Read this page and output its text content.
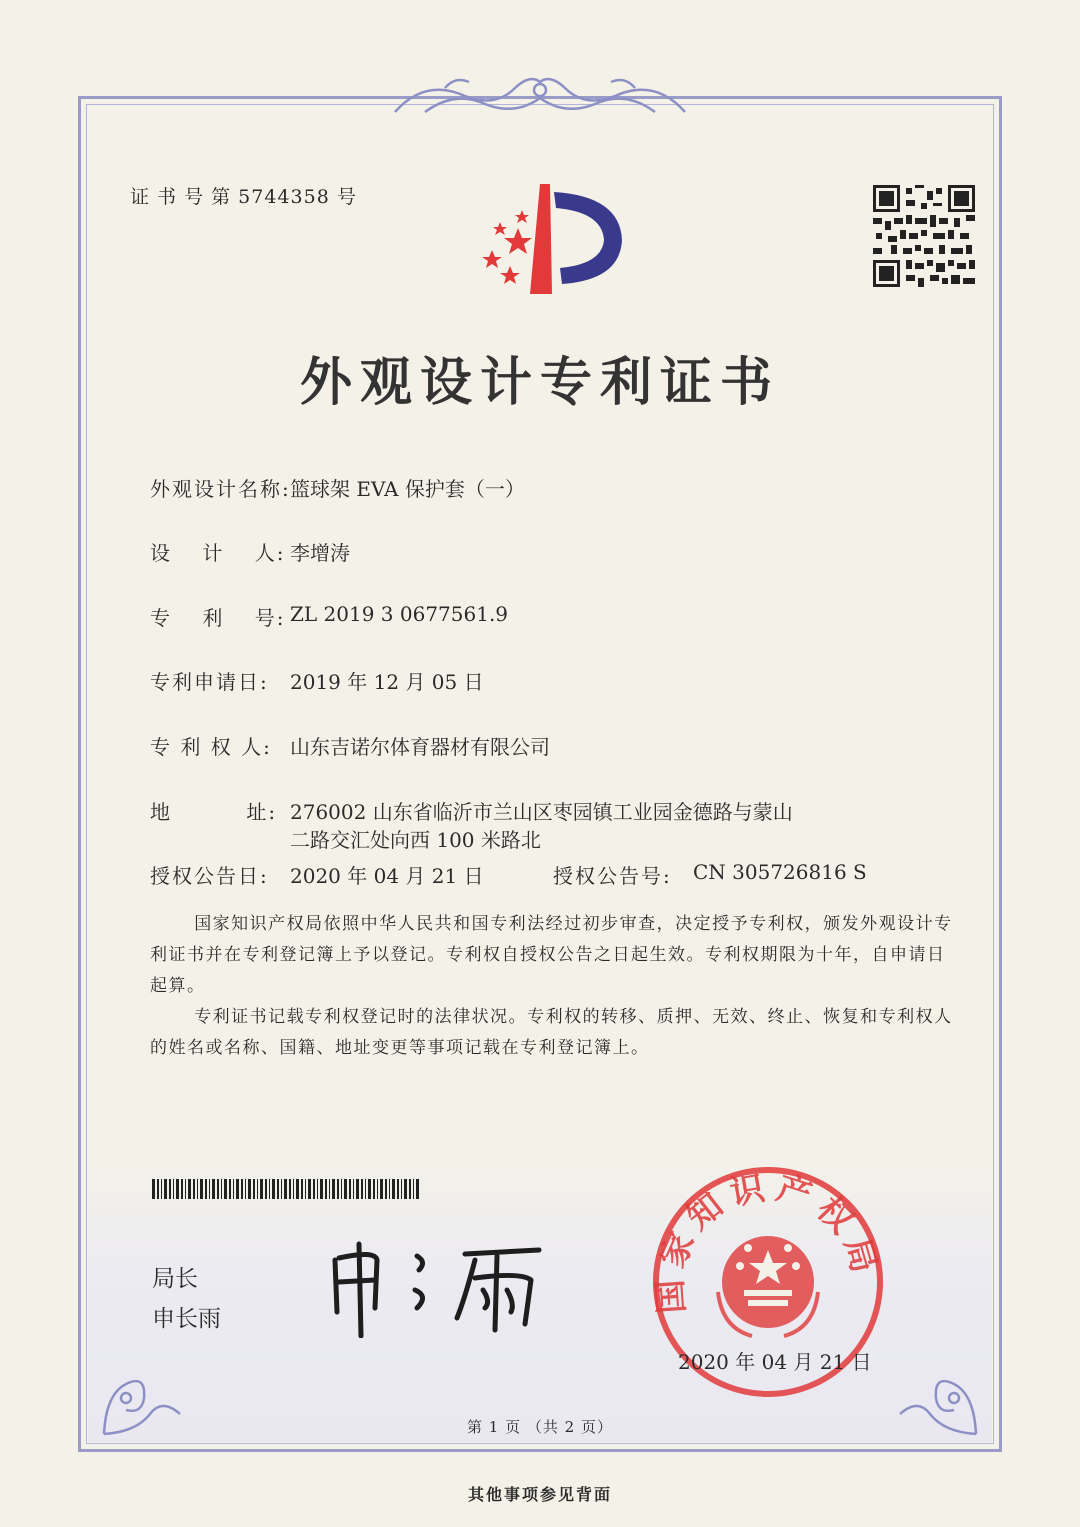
证 书 号 第 5744358 号
外观设计专利证书
外观设计名称: 篮球架 EVA 保护套（一）
设　 计　 人: 李增涛
专　 利　 号: ZL 2019 3 0677561.9
专利申请日: 2019 年 12 月 05 日
专 利 权 人: 山东吉诺尔体育器材有限公司
地　　　 址: 276002 山东省临沂市兰山区枣园镇工业园金德路与蒙山
二路交汇处向西 100 米路北
授权公告日: 2020 年 04 月 21 日	授权公告号: CN 305726816 S
国家知识产权局依照中华人民共和国专利法经过初步审查，决定授予专利权，颁发外观设计专利证书并在专利登记簿上予以登记。专利权自授权公告之日起生效。专利权期限为十年，自申请日起算。
专利证书记载专利权登记时的法律状况。专利权的转移、质押、无效、终止、恢复和专利权人的姓名或名称、国籍、地址变更等事项记载在专利登记簿上。
局长
申长雨
国家知识产权局
2020 年 04 月 21 日
第 1 页 （共 2 页）
其他事项参见背面
